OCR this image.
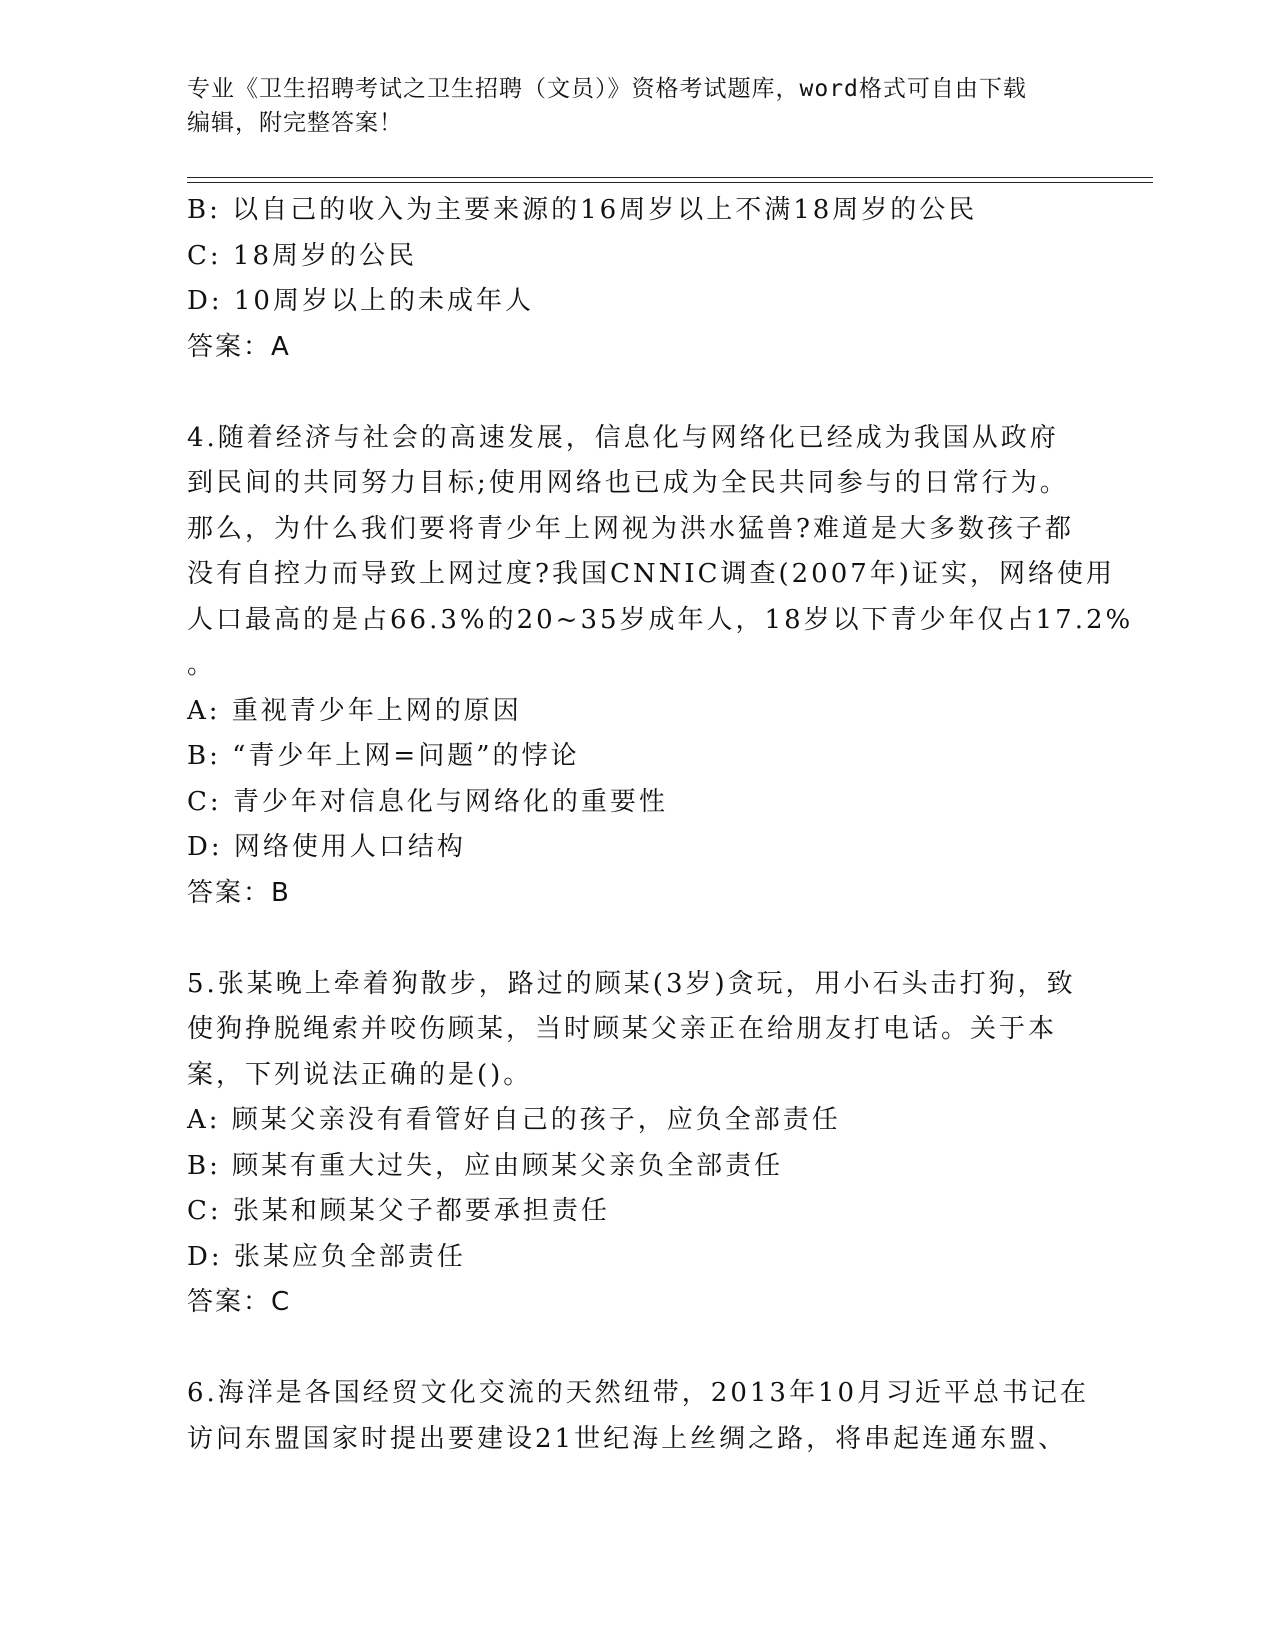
专业《卫生招聘考试之卫生招聘（文员）》资格考试题库，word格式可自由下载

编辑，附完整答案！

B: 以自己的收入为主要来源的16周岁以上不满18周岁的公民

C: 18周岁的公民

D: 10周岁以上的未成年人

答案：A

4.随着经济与社会的高速发展，信息化与网络化已经成为我国从政府

到民间的共同努力目标;使用网络也已成为全民共同参与的日常行为。

那么，为什么我们要将青少年上网视为洪水猛兽?难道是大多数孩子都

没有自控力而导致上网过度?我国CNNIC调查(2007年)证实，网络使用

人口最高的是占66.3%的20~35岁成年人，18岁以下青少年仅占17.2%

。

A: 重视青少年上网的原因

B: “青少年上网=问题”的悖论

C: 青少年对信息化与网络化的重要性

D: 网络使用人口结构

答案：B

5.张某晚上牵着狗散步，路过的顾某(3岁)贪玩，用小石头击打狗，致

使狗挣脱绳索并咬伤顾某，当时顾某父亲正在给朋友打电话。关于本

案，下列说法正确的是()。

A: 顾某父亲没有看管好自己的孩子，应负全部责任

B: 顾某有重大过失，应由顾某父亲负全部责任

C: 张某和顾某父子都要承担责任

D: 张某应负全部责任

答案：C

6.海洋是各国经贸文化交流的天然纽带，2013年10月习近平总书记在

访问东盟国家时提出要建设21世纪海上丝绸之路，将串起连通东盟、
